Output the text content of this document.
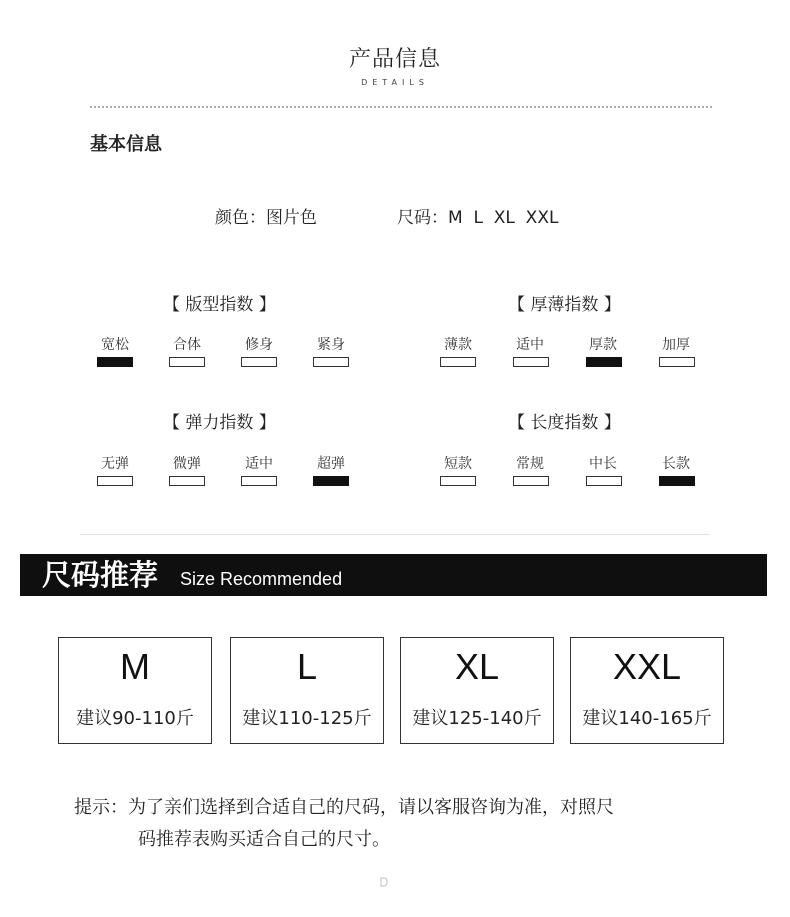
产品信息
DETAILS
基本信息
颜色：图片色	尺码：M  L  XL  XXL
【 版型指数 】
宽松	合体	修身	紧身
【 厚薄指数 】
薄款	适中	厚款	加厚
【 弹力指数 】
无弹	微弹	适中	超弹
【 长度指数 】
短款	常规	中长	长款
尺码推荐 Size Recommended
M
建议90-110斤
L
建议110-125斤
XL
建议125-140斤
XXL
建议140-165斤
提示：为了亲们选择到合适自己的尺码，请以客服咨询为准，对照尺
码推荐表购买适合自己的尺寸。
